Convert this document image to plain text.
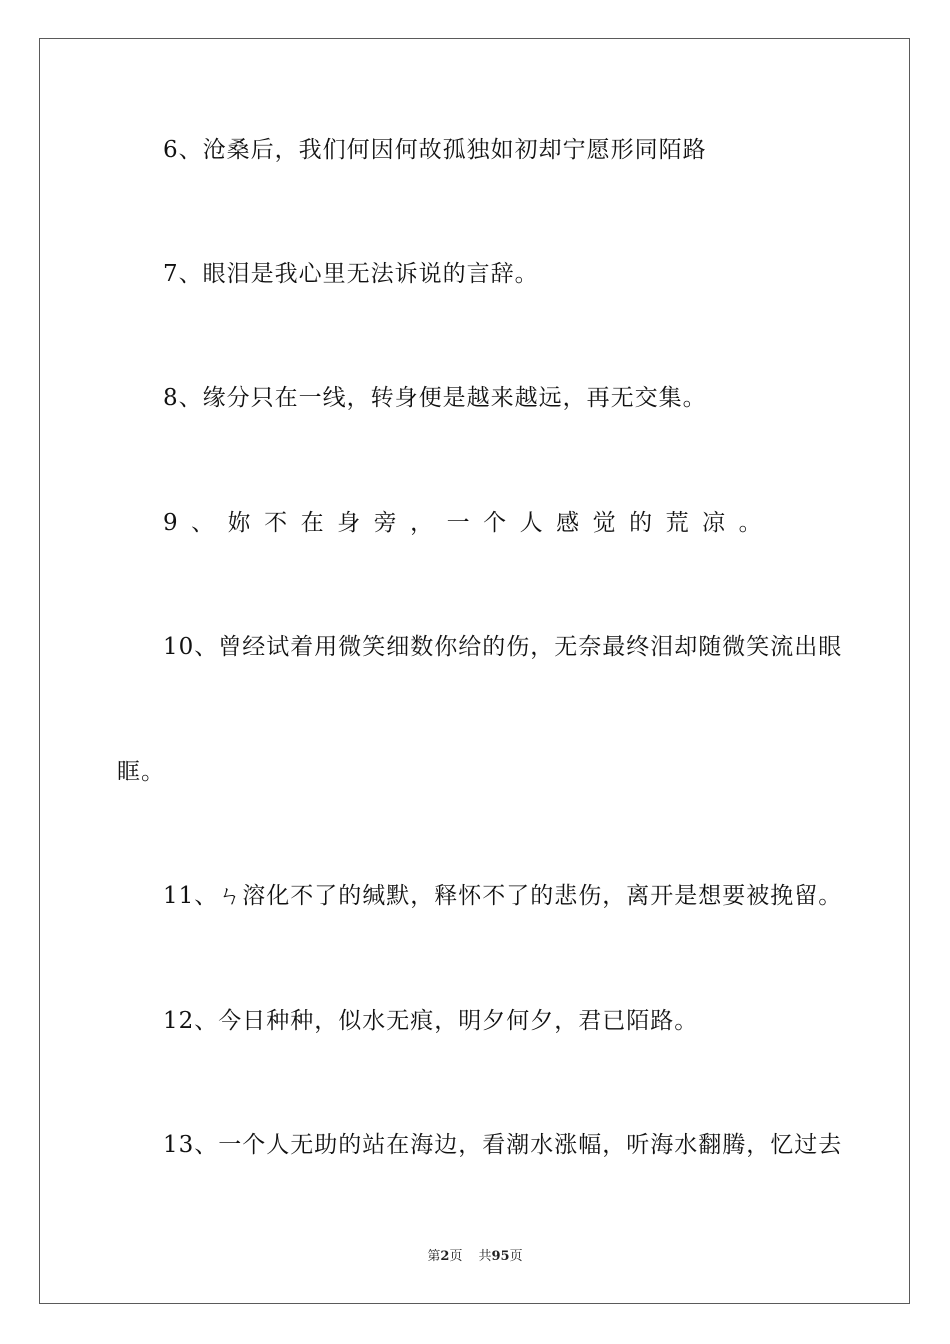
6、沧桑后，我们何因何故孤独如初却宁愿形同陌路
7、眼泪是我心里无法诉说的言辞。
8、缘分只在一线，转身便是越来越远，再无交集。
9、妳不在身旁，一个人感觉的荒凉。
10、曾经试着用微笑细数你给的伤，无奈最终泪却随微笑流出眼
眶。
11、ㄣ溶化不了的缄默，释怀不了的悲伤，离开是想要被挽留。
12、今日种种，似水无痕，明夕何夕，君已陌路。
13、一个人无助的站在海边，看潮水涨幅，听海水翻腾，忆过去
第2页 共95页
